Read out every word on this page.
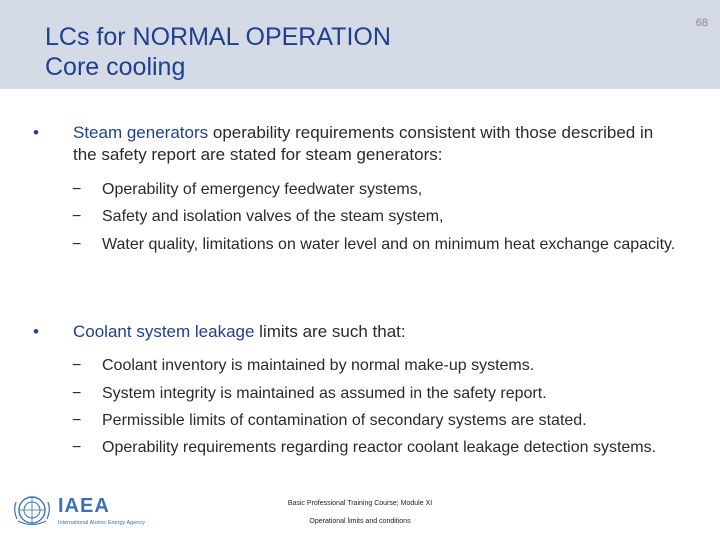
LCs for NORMAL OPERATION
Core cooling
68
•	Steam generators operability requirements consistent with those described in the safety report are stated for steam generators:
− Operability of emergency feedwater systems,
− Safety and isolation valves of the steam system,
− Water quality, limitations on water level and on minimum heat exchange capacity.
•	Coolant system leakage limits are such that:
− Coolant inventory is maintained by normal make-up systems.
− System integrity is maintained as assumed in the safety report.
− Permissible limits of contamination of secondary systems are stated.
− Operability requirements regarding reactor coolant leakage detection systems.
IAEA
International Atomic Energy Agency
Basic Professional Training Course; Module XI
Operational limits and conditions
